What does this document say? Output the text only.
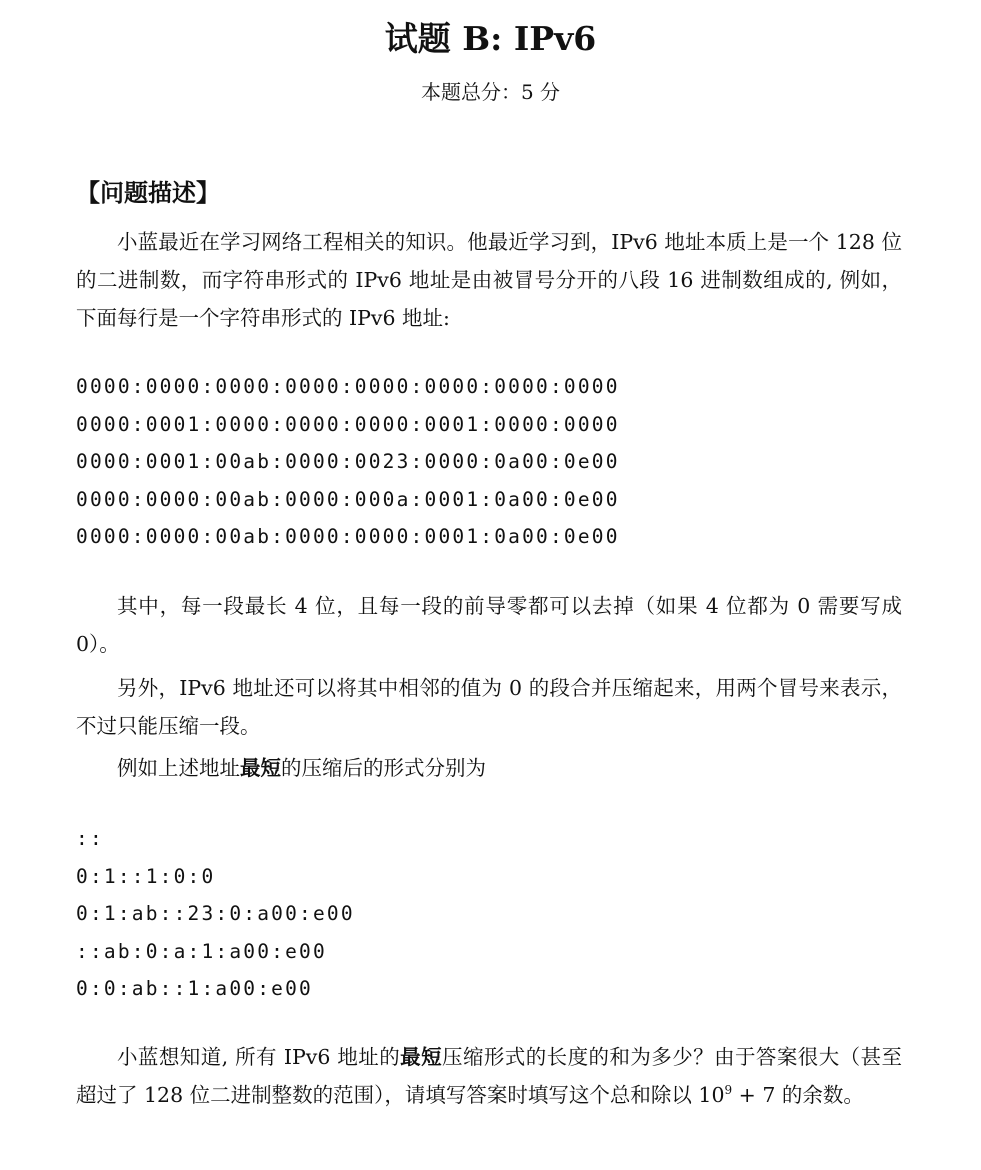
试题 B: IPv6
本题总分：5 分
【问题描述】
小蓝最近在学习网络工程相关的知识。他最近学习到，IPv6 地址本质上是一个 128 位的二进制数，而字符串形式的 IPv6 地址是由被冒号分开的八段 16 进制数组成的, 例如，下面每行是一个字符串形式的 IPv6 地址:
0000:0000:0000:0000:0000:0000:0000:0000
0000:0001:0000:0000:0000:0001:0000:0000
0000:0001:00ab:0000:0023:0000:0a00:0e00
0000:0000:00ab:0000:000a:0001:0a00:0e00
0000:0000:00ab:0000:0000:0001:0a00:0e00
其中，每一段最长 4 位，且每一段的前导零都可以去掉（如果 4 位都为 0 需要写成 0）。
另外，IPv6 地址还可以将其中相邻的值为 0 的段合并压缩起来，用两个冒号来表示，不过只能压缩一段。
例如上述地址最短的压缩后的形式分别为
::
0:1::1:0:0
0:1:ab::23:0:a00:e00
::ab:0:a:1:a00:e00
0:0:ab::1:a00:e00
小蓝想知道, 所有 IPv6 地址的最短压缩形式的长度的和为多少？由于答案很大（甚至超过了 128 位二进制整数的范围），请填写答案时填写这个总和除以 $10^9 + 7$ 的余数。
